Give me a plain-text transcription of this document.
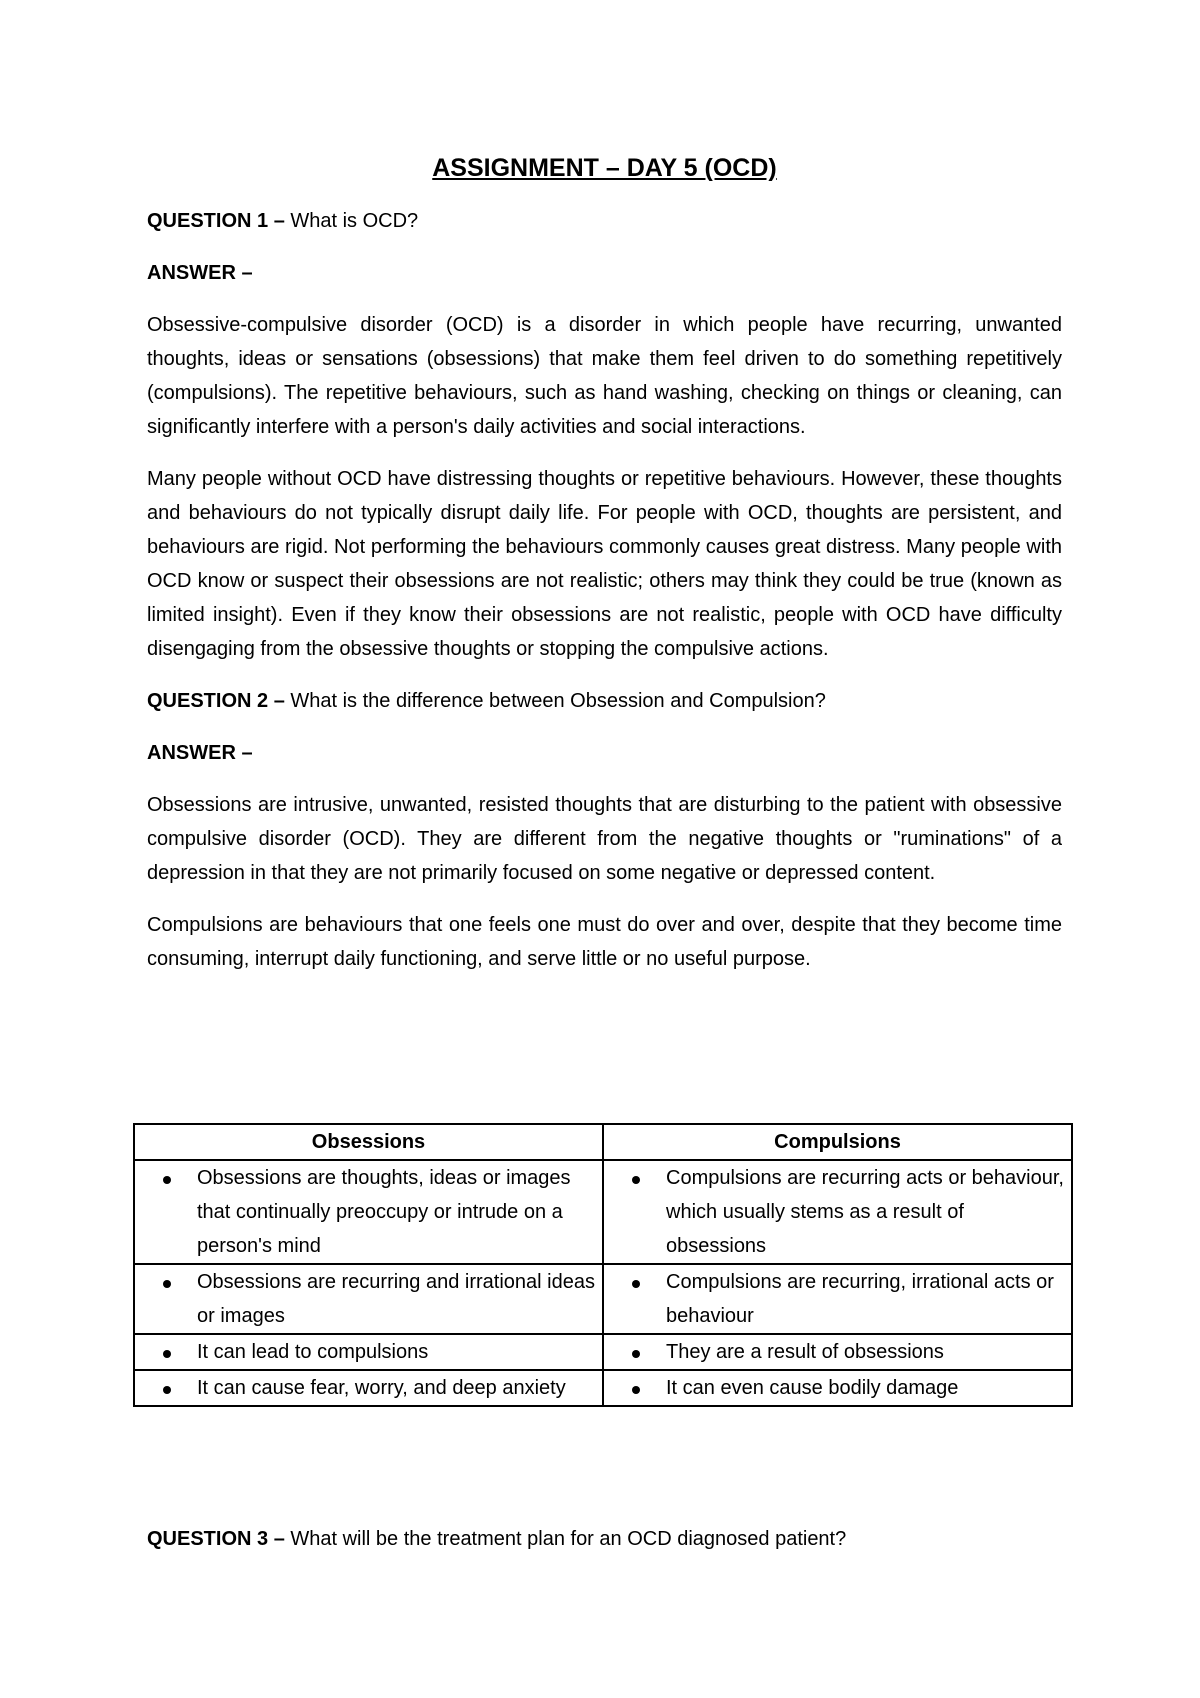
ASSIGNMENT – DAY 5 (OCD)
QUESTION 1 – What is OCD?
ANSWER –
Obsessive-compulsive disorder (OCD) is a disorder in which people have recurring, unwanted thoughts, ideas or sensations (obsessions) that make them feel driven to do something repetitively (compulsions). The repetitive behaviours, such as hand washing, checking on things or cleaning, can significantly interfere with a person's daily activities and social interactions.
Many people without OCD have distressing thoughts or repetitive behaviours. However, these thoughts and behaviours do not typically disrupt daily life. For people with OCD, thoughts are persistent, and behaviours are rigid. Not performing the behaviours commonly causes great distress. Many people with OCD know or suspect their obsessions are not realistic; others may think they could be true (known as limited insight). Even if they know their obsessions are not realistic, people with OCD have difficulty disengaging from the obsessive thoughts or stopping the compulsive actions.
QUESTION 2 – What is the difference between Obsession and Compulsion?
ANSWER –
Obsessions are intrusive, unwanted, resisted thoughts that are disturbing to the patient with obsessive compulsive disorder (OCD). They are different from the negative thoughts or "ruminations" of a depression in that they are not primarily focused on some negative or depressed content.
Compulsions are behaviours that one feels one must do over and over, despite that they become time consuming, interrupt daily functioning, and serve little or no useful purpose.
Obsessions	Compulsions

Obsessions are thoughts, ideas or images that continually preoccupy or intrude on a person's mind	Compulsions are recurring acts or behaviour, which usually stems as a result of obsessions

Obsessions are recurring and irrational ideas or images	Compulsions are recurring, irrational acts or behaviour

It can lead to compulsions	They are a result of obsessions

It can cause fear, worry, and deep anxiety	It can even cause bodily damage
QUESTION 3 – What will be the treatment plan for an OCD diagnosed patient?
